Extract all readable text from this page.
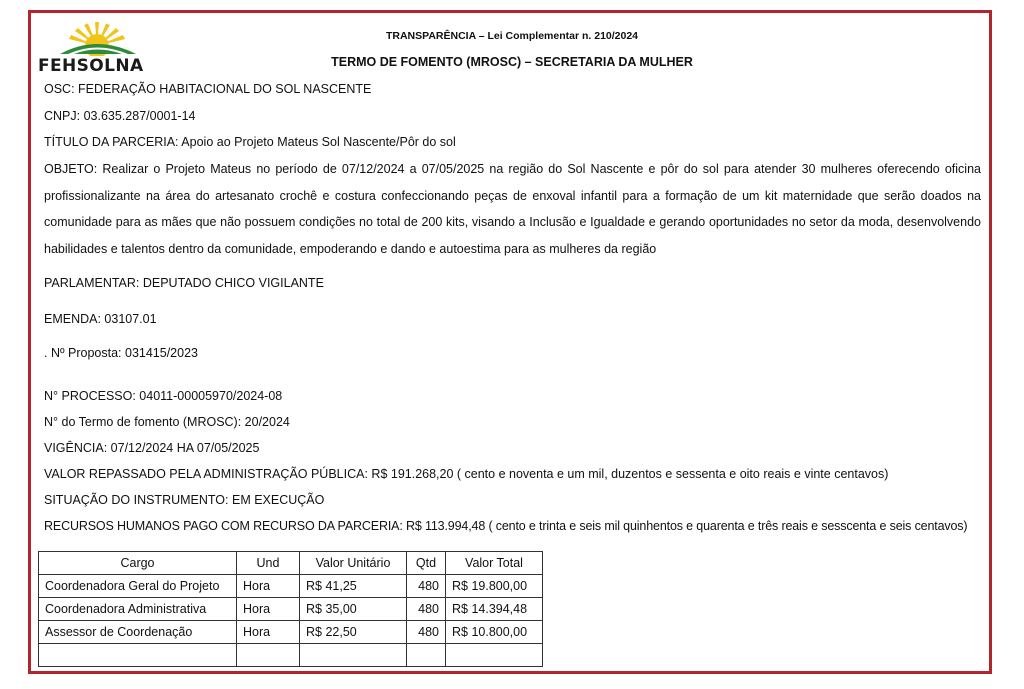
FEHSOLNA
TRANSPARÊNCIA – Lei Complementar n. 210/2024
TERMO DE FOMENTO (MROSC) – SECRETARIA DA MULHER
OSC: FEDERAÇÃO HABITACIONAL DO SOL NASCENTE
CNPJ: 03.635.287/0001-14
TÍTULO DA PARCERIA: Apoio ao Projeto Mateus Sol Nascente/Pôr do sol
OBJETO: Realizar o Projeto Mateus no período de 07/12/2024 a 07/05/2025 na região do Sol Nascente e pôr do sol para atender 30 mulheres oferecendo oficina profissionalizante na área do artesanato crochê e costura confeccionando peças de enxoval infantil para a formação de um kit maternidade que serão doados na comunidade para as mães que não possuem condições no total de 200 kits, visando a Inclusão e Igualdade e gerando oportunidades no setor da moda, desenvolvendo habilidades e talentos dentro da comunidade, empoderando e dando e autoestima para as mulheres da região
PARLAMENTAR: DEPUTADO CHICO VIGILANTE
EMENDA: 03107.01
. Nº Proposta: 031415/2023
N° PROCESSO: 04011-00005970/2024-08
N° do Termo de fomento (MROSC): 20/2024
VIGÊNCIA: 07/12/2024 HA 07/05/2025
VALOR REPASSADO PELA ADMINISTRAÇÃO PÚBLICA: R$ 191.268,20 ( cento e noventa e um mil, duzentos e sessenta e oito reais e vinte centavos)
SITUAÇÃO DO INSTRUMENTO: EM EXECUÇÃO
RECURSOS HUMANOS PAGO COM RECURSO DA PARCERIA: R$ 113.994,48 ( cento e trinta e seis mil quinhentos e quarenta e três reais e sesscenta e seis centavos)
Cargo	Und	Valor Unitário	Qtd	Valor Total
Coordenadora Geral do Projeto	Hora	R$ 41,25	480	R$ 19.800,00
Coordenadora Administrativa	Hora	R$ 35,00	480	R$ 14.394,48
Assessor de Coordenação	Hora	R$ 22,50	480	R$ 10.800,00
